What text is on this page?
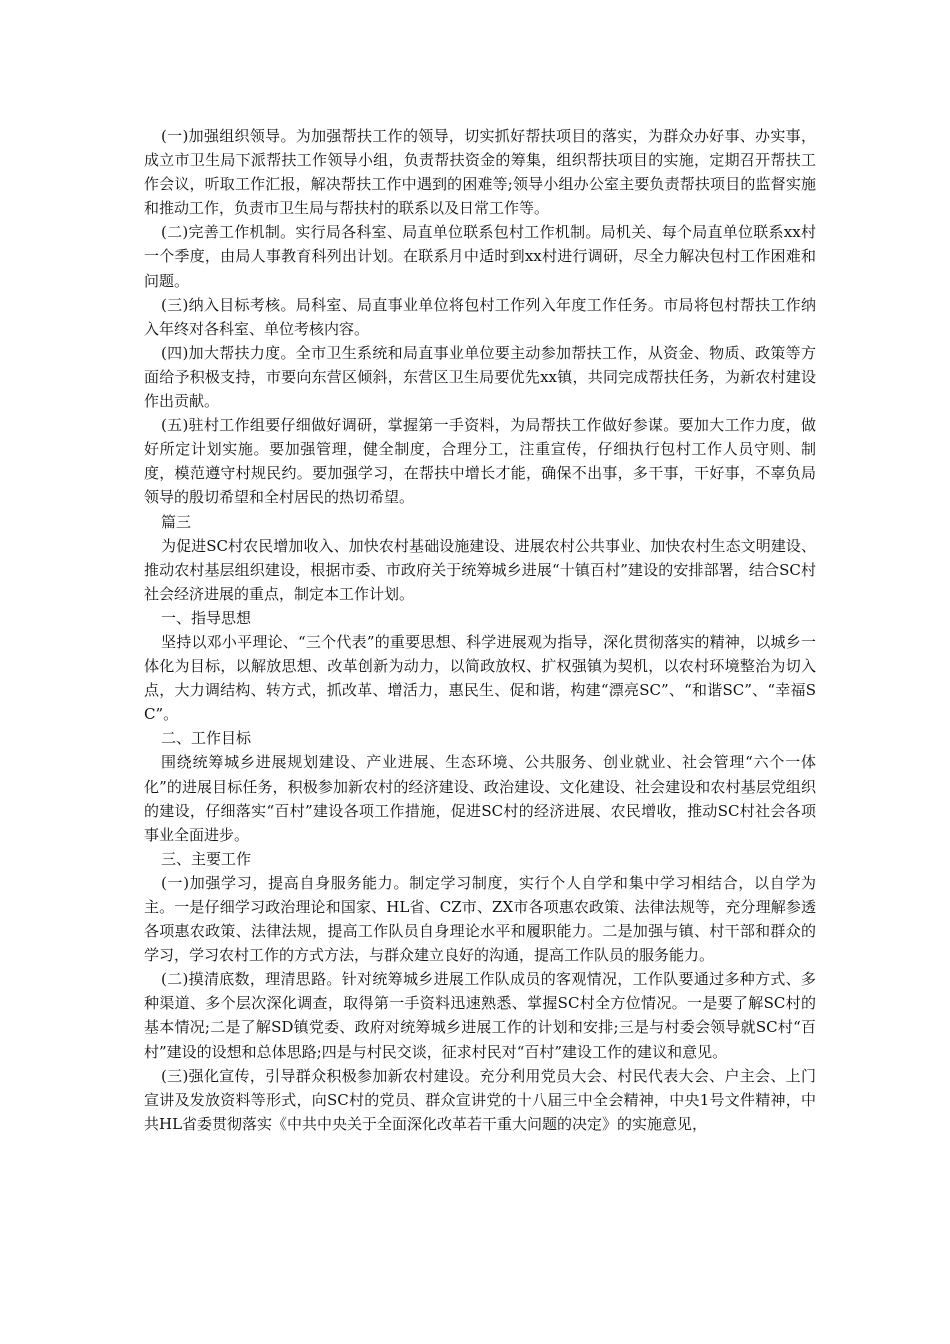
(一)加强组织领导。为加强帮扶工作的领导，切实抓好帮扶项目的落实，为群众办好事、办实事，成立市卫生局下派帮扶工作领导小组，负责帮扶资金的筹集，组织帮扶项目的实施，定期召开帮扶工作会议，听取工作汇报，解决帮扶工作中遇到的困难等;领导小组办公室主要负责帮扶项目的监督实施和推动工作，负责市卫生局与帮扶村的联系以及日常工作等。

(二)完善工作机制。实行局各科室、局直单位联系包村工作机制。局机关、每个局直单位联系xx村一个季度，由局人事教育科列出计划。在联系月中适时到xx村进行调研，尽全力解决包村工作困难和问题。

(三)纳入目标考核。局科室、局直事业单位将包村工作列入年度工作任务。市局将包村帮扶工作纳入年终对各科室、单位考核内容。

(四)加大帮扶力度。全市卫生系统和局直事业单位要主动参加帮扶工作，从资金、物质、政策等方面给予积极支持，市要向东营区倾斜，东营区卫生局要优先xx镇，共同完成帮扶任务，为新农村建设作出贡献。

(五)驻村工作组要仔细做好调研，掌握第一手资料，为局帮扶工作做好参谋。要加大工作力度，做好所定计划实施。要加强管理，健全制度，合理分工，注重宣传，仔细执行包村工作人员守则、制度，模范遵守村规民约。要加强学习，在帮扶中增长才能，确保不出事，多干事，干好事，不辜负局领导的殷切希望和全村居民的热切希望。

篇三

为促进SC村农民增加收入、加快农村基础设施建设、进展农村公共事业、加快农村生态文明建设、推动农村基层组织建设，根据市委、市政府关于统筹城乡进展“十镇百村”建设的安排部署，结合SC村社会经济进展的重点，制定本工作计划。

一、指导思想

坚持以邓小平理论、“三个代表”的重要思想、科学进展观为指导，深化贯彻落实的精神，以城乡一体化为目标，以解放思想、改革创新为动力，以简政放权、扩权强镇为契机，以农村环境整治为切入点，大力调结构、转方式，抓改革、增活力，惠民生、促和谐，构建“漂亮SC”、“和谐SC”、“幸福SC”。

二、工作目标

围绕统筹城乡进展规划建设、产业进展、生态环境、公共服务、创业就业、社会管理“六个一体化”的进展目标任务，积极参加新农村的经济建设、政治建设、文化建设、社会建设和农村基层党组织的建设，仔细落实“百村”建设各项工作措施，促进SC村的经济进展、农民增收，推动SC村社会各项事业全面进步。

三、主要工作

(一)加强学习，提高自身服务能力。制定学习制度，实行个人自学和集中学习相结合，以自学为主。一是仔细学习政治理论和国家、HL省、CZ市、ZX市各项惠农政策、法律法规等，充分理解参透各项惠农政策、法律法规，提高工作队员自身理论水平和履职能力。二是加强与镇、村干部和群众的学习，学习农村工作的方式方法，与群众建立良好的沟通，提高工作队员的服务能力。

(二)摸清底数，理清思路。针对统筹城乡进展工作队成员的客观情况，工作队要通过多种方式、多种渠道、多个层次深化调查，取得第一手资料迅速熟悉、掌握SC村全方位情况。一是要了解SC村的基本情况;二是了解SD镇党委、政府对统筹城乡进展工作的计划和安排;三是与村委会领导就SC村“百村”建设的设想和总体思路;四是与村民交谈，征求村民对“百村”建设工作的建议和意见。

(三)强化宣传，引导群众积极参加新农村建设。充分利用党员大会、村民代表大会、户主会、上门宣讲及发放资料等形式，向SC村的党员、群众宣讲党的十八届三中全会精神，中央1号文件精神，中共HL省委贯彻落实《中共中央关于全面深化改革若干重大问题的决定》的实施意见，
